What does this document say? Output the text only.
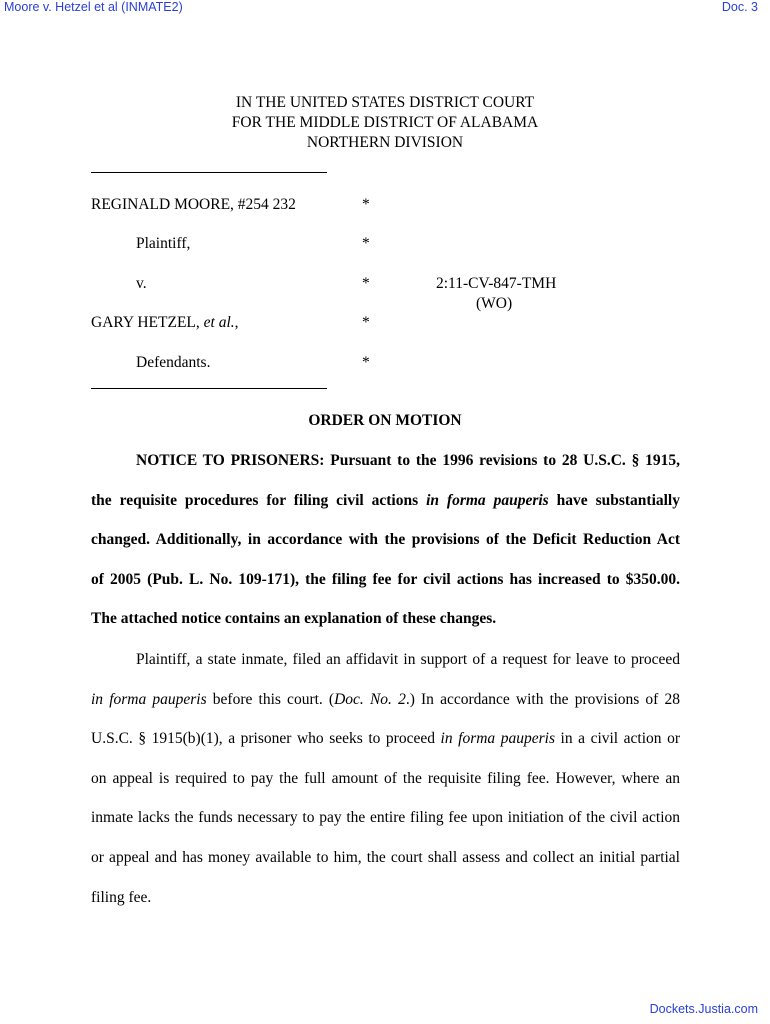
Moore v. Hetzel et al (INMATE2)	Doc. 3
IN THE UNITED STATES DISTRICT COURT
FOR THE MIDDLE DISTRICT OF ALABAMA
NORTHERN DIVISION
REGINALD MOORE, #254 232	*
Plaintiff,	*
v.	*	2:11-CV-847-TMH
(WO)
GARY HETZEL, et al.,	*
Defendants.	*
ORDER ON MOTION
NOTICE TO PRISONERS: Pursuant to the 1996 revisions to 28 U.S.C. § 1915,
the requisite procedures for filing civil actions in forma pauperis have substantially
changed. Additionally, in accordance with the provisions of the Deficit Reduction Act
of 2005 (Pub. L. No. 109-171), the filing fee for civil actions has increased to $350.00.
The attached notice contains an explanation of these changes.
Plaintiff, a state inmate, filed an affidavit in support of a request for leave to proceed
in forma pauperis before this court. (Doc. No. 2.) In accordance with the provisions of 28
U.S.C. § 1915(b)(1), a prisoner who seeks to proceed in forma pauperis in a civil action or
on appeal is required to pay the full amount of the requisite filing fee. However, where an
inmate lacks the funds necessary to pay the entire filing fee upon initiation of the civil action
or appeal and has money available to him, the court shall assess and collect an initial partial
filing fee.
Dockets.Justia.com
